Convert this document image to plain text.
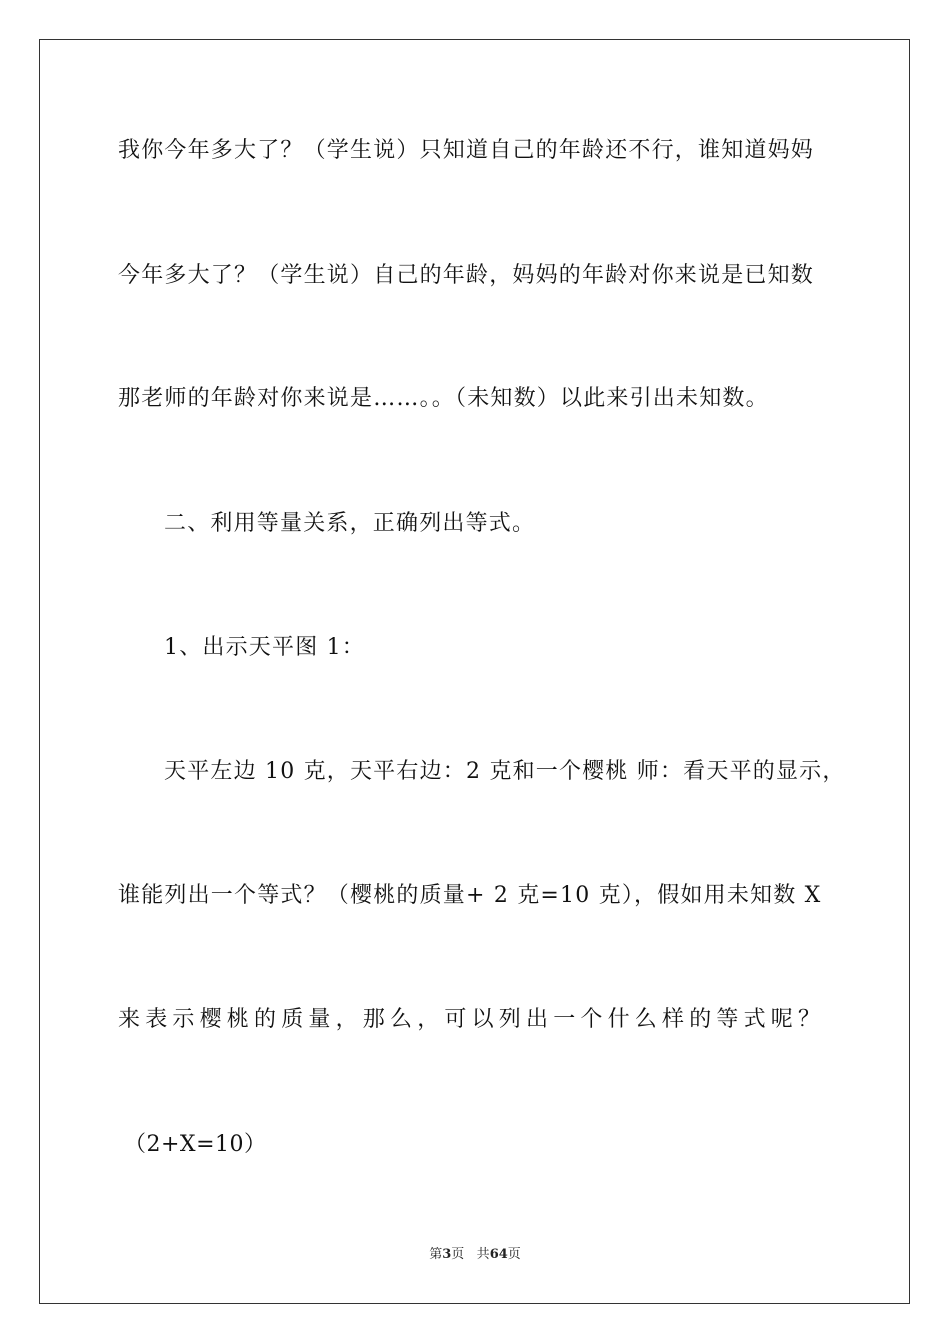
我你今年多大了？（学生说）只知道自己的年龄还不行，谁知道妈妈
今年多大了？（学生说）自己的年龄，妈妈的年龄对你来说是已知数
那老师的年龄对你来说是……。。（未知数）以此来引出未知数。
二、利用等量关系，正确列出等式。
1、出示天平图 1：
天平左边 10 克，天平右边：2 克和一个樱桃 师：看天平的显示，
谁能列出一个等式？（樱桃的质量+ 2 克=10 克），假如用未知数 X
来表示樱桃的质量，那么，可以列出一个什么样的等式呢？
（2+X=10）
第3页 共64页
